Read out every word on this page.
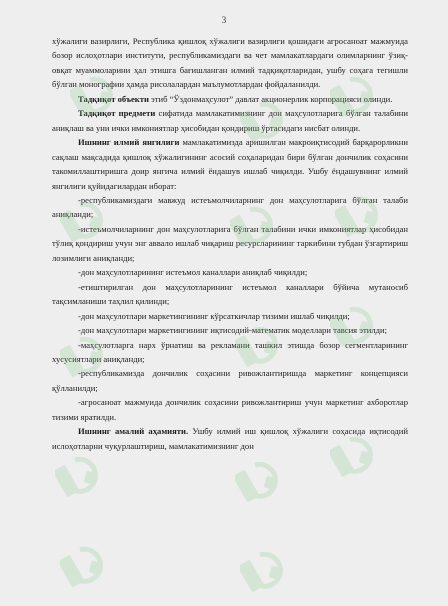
3

хўжалиги вазирлиги, Республика қишлоқ хўжалиги вазирлиги қошидаги агросаноат мажмуида бозор ислоҳотлари институти, республикамиздаги ва чет мамлакатлардаги олимларнинг ўзиқ-овқат муаммоларини ҳал этишга бағишланган илмий тадқиқотларидан, ушбу соҳага тегишли бўлган монографии ҳамда рисолалардан маълумотлардан фойдаланилди.

Тадқиқот объекти этиб “Ўздонмаҳсулот” давлат акционерлик корпорацияси олинди.

Тадқиқот предмети сифатида мамлакатимизнинг дон маҳсулотларига бўлган талабини аниқлаш ва уни ички имкониятлар ҳисобидан қондириш ўртасидаги нисбат олинди.

Ишнинг илмий янгилиги мамлакатимизда аришилган макроиқтисодий барқарорликни сақлаш мақсадида қишлоқ хўжалигининг асосий соҳаларидан бири бўлган дончилик соҳасини такомиллаштиришга доир янгича илмий ёндашув ишлаб чиқилди. Ушбу ёндашувнинг илмий янгилиги қуйидагилардан иборат:

-республикамиздаги мавжуд истеъмолчиларнинг дон маҳсулотларига бўлган талаби аниқланди;

-истеъмолчиларнинг дон маҳсулотларига бўлган талабини ички имкониятлар ҳисобидан тўлиқ қондириш учун энг аввало ишлаб чиқариш ресурсларининг таркибини тубдан ўзгартириш лозимлиги аниқланди;

-дон маҳсулотларининг истеъмол каналлари аниқлаб чиқилди;

-етиштирилган дон маҳсулотларининг истеъмол каналлари бўйича мутаносиб тақсимланиши таҳлил қилинди;

-дон маҳсулотлари маркетингининг кўрсаткичлар тизими ишлаб чиқилди;

-дон маҳсулотлари маркетингининг иқтисодий-математик моделлари тавсия этилди;

-маҳсулотларга нарх ўрнатиш ва рекламани ташкил этишда бозор сегментларининг хусусиятлари аниқланди;

-республикамизда дончилик соҳасини ривожлантиришда маркетинг концепцияси қўлланилди;

-агросаноат мажмуида дончилик соҳасини ривожлантириш учун маркетинг ахборотлар тизими яратилди.

Ишнинг амалий аҳамияти. Ушбу илмий иш қишлоқ хўжалиги соҳасида иқтисодий ислоҳотларни чуқурлаштириш, мамлакатимизнинг дон
